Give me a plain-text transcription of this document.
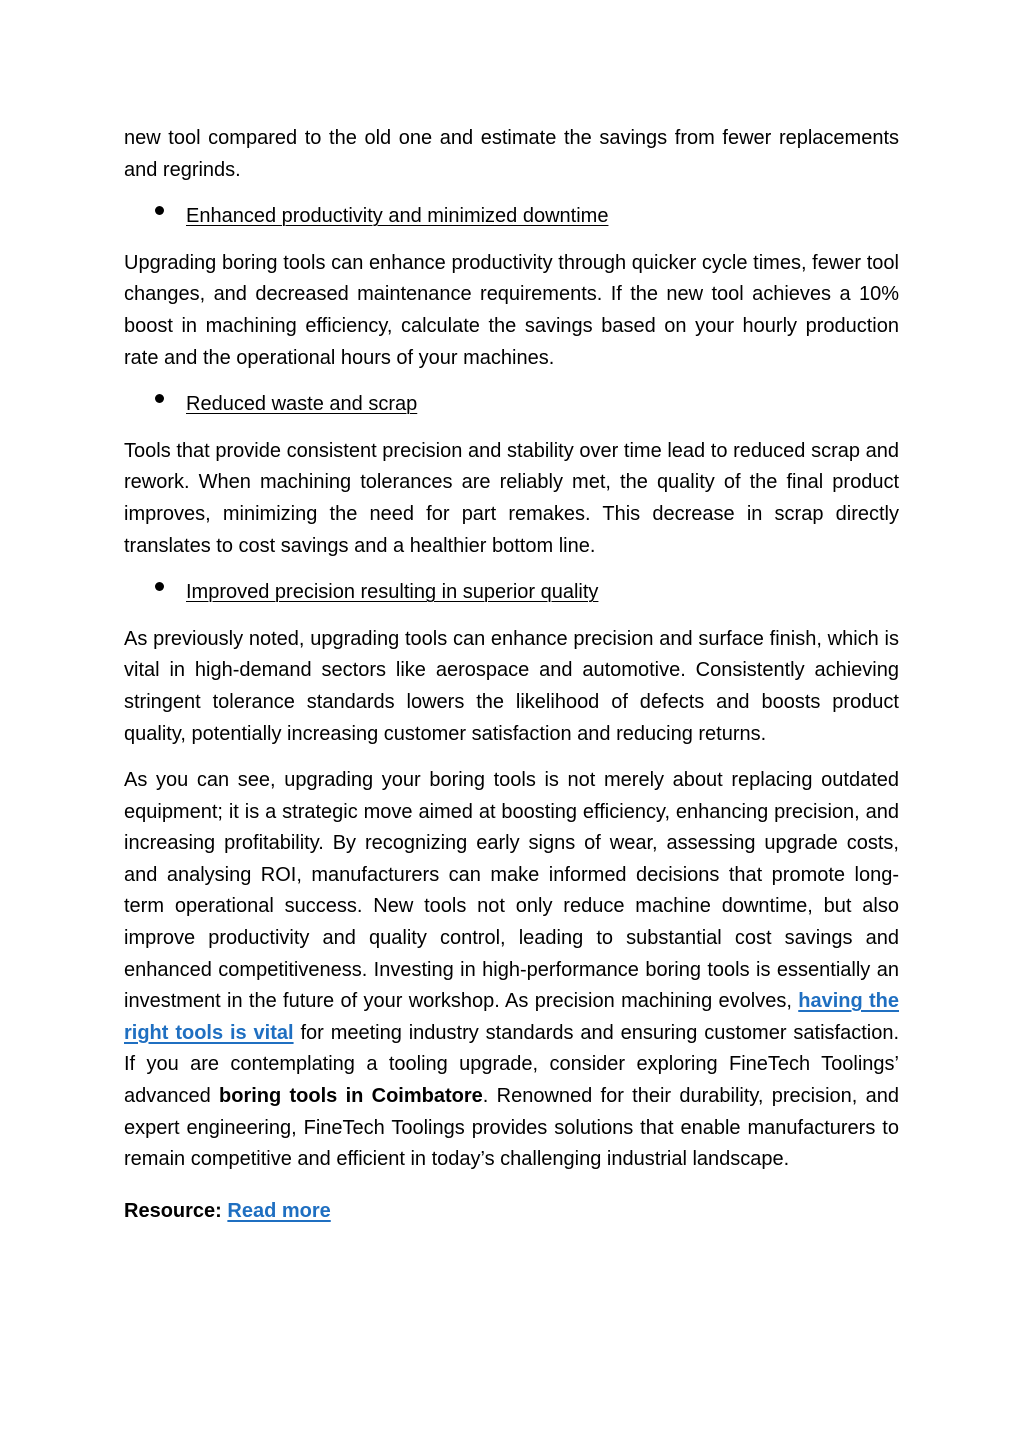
new tool compared to the old one and estimate the savings from fewer replacements and regrinds.

Enhanced productivity and minimized downtime

Upgrading boring tools can enhance productivity through quicker cycle times, fewer tool changes, and decreased maintenance requirements. If the new tool achieves a 10% boost in machining efficiency, calculate the savings based on your hourly production rate and the operational hours of your machines.

Reduced waste and scrap

Tools that provide consistent precision and stability over time lead to reduced scrap and rework. When machining tolerances are reliably met, the quality of the final product improves, minimizing the need for part remakes. This decrease in scrap directly translates to cost savings and a healthier bottom line.

Improved precision resulting in superior quality

As previously noted, upgrading tools can enhance precision and surface finish, which is vital in high-demand sectors like aerospace and automotive. Consistently achieving stringent tolerance standards lowers the likelihood of defects and boosts product quality, potentially increasing customer satisfaction and reducing returns.

As you can see, upgrading your boring tools is not merely about replacing outdated equipment; it is a strategic move aimed at boosting efficiency, enhancing precision, and increasing profitability. By recognizing early signs of wear, assessing upgrade costs, and analysing ROI, manufacturers can make informed decisions that promote long-term operational success. New tools not only reduce machine downtime, but also improve productivity and quality control, leading to substantial cost savings and enhanced competitiveness. Investing in high-performance boring tools is essentially an investment in the future of your workshop. As precision machining evolves, having the right tools is vital for meeting industry standards and ensuring customer satisfaction. If you are contemplating a tooling upgrade, consider exploring FineTech Toolings’ advanced boring tools in Coimbatore. Renowned for their durability, precision, and expert engineering, FineTech Toolings provides solutions that enable manufacturers to remain competitive and efficient in today’s challenging industrial landscape.

Resource: Read more
